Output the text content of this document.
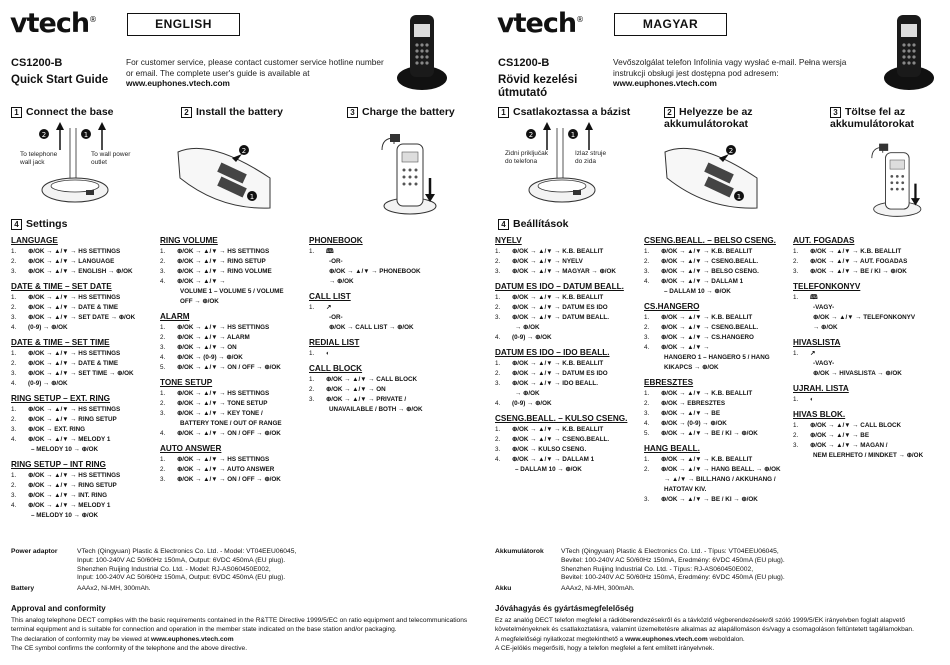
vtech®	ENGLISH
CS1200-B
Quick Start Guide
For customer service, please contact customer service hotline number or email. The complete user's guide is available at www.euphones.vtech.com
1 Connect the base	2 Install the battery	3 Charge the battery
2	1
To telephone wall jack
To wall power outlet
2
1
4 Settings
LANGUAGE
1.	⊕/OK → ▲/▼ → HS SETTINGS
2.	⊕/OK → ▲/▼ → LANGUAGE
3.	⊕/OK → ▲/▼ → ENGLISH → ⊕/OK
DATE & TIME – SET DATE
1.	⊕/OK → ▲/▼ → HS SETTINGS
2.	⊕/OK → ▲/▼ → DATE & TIME
3.	⊕/OK → ▲/▼ → SET DATE → ⊕/OK
4.	(0-9) → ⊕/OK
DATE & TIME – SET TIME
1.	⊕/OK → ▲/▼ → HS SETTINGS
2.	⊕/OK → ▲/▼ → DATE & TIME
3.	⊕/OK → ▲/▼ → SET TIME → ⊕/OK
4.	(0-9) → ⊕/OK
RING SETUP – EXT. RING
1.	⊕/OK → ▲/▼ → HS SETTINGS
2.	⊕/OK → ▲/▼ → RING SETUP
3.	⊕/OK → EXT. RING
4.	⊕/OK → ▲/▼ → MELODY 1
– MELODY 10 → ⊕/OK
RING SETUP – INT RING
1.	⊕/OK → ▲/▼ → HS SETTINGS
2.	⊕/OK → ▲/▼ → RING SETUP
3.	⊕/OK → ▲/▼ → INT. RING
4.	⊕/OK → ▲/▼ → MELODY 1
– MELODY 10 → ⊕/OK
RING VOLUME
1.	⊕/OK → ▲/▼ → HS SETTINGS
2.	⊕/OK → ▲/▼ → RING SETUP
3.	⊕/OK → ▲/▼ → RING VOLUME
4.	⊕/OK → ▲/▼ →
VOLUME 1 – VOLUME 5 / VOLUME
OFF → ⊕/OK
ALARM
1.	⊕/OK → ▲/▼ → HS SETTINGS
2.	⊕/OK → ▲/▼ → ALARM
3.	⊕/OK → ▲/▼ → ON
4.	⊕/OK → (0-9) → ⊕/OK
5.	⊕/OK → ▲/▼ → ON / OFF → ⊕/OK
TONE SETUP
1.	⊕/OK → ▲/▼ → HS SETTINGS
2.	⊕/OK → ▲/▼ → TONE SETUP
3.	⊕/OK → ▲/▼ → KEY TONE /
BATTERY TONE / OUT OF RANGE
4.	⊕/OK → ▲/▼ → ON / OFF → ⊕/OK
AUTO ANSWER
1.	⊕/OK → ▲/▼ → HS SETTINGS
2.	⊕/OK → ▲/▼ → AUTO ANSWER
3.	⊕/OK → ▲/▼ → ON / OFF → ⊕/OK
PHONEBOOK
1.	🕮
-OR-
⊕/OK → ▲/▼ → PHONEBOOK
→ ⊕/OK
CALL LIST
1.	↗
-OR-
⊕/OK → CALL LIST → ⊕/OK
REDIAL LIST
1.	◐
CALL BLOCK
1.	⊕/OK → ▲/▼ → CALL BLOCK
2.	⊕/OK → ▲/▼ → ON
3.	⊕/OK → ▲/▼ → PRIVATE /
UNAVAILABLE / BOTH → ⊕/OK
Power adaptor	VTech (Qingyuan) Plastic & Electronics Co. Ltd. - Model: VT04EEU06045,
Input: 100-240V AC 50/60Hz 150mA, Output: 6VDC 450mA (EU plug).
Shenzhen Ruijing Industrial Co. Ltd. - Model: RJ-AS060450E002,
Input: 100-240V AC 50/60Hz 150mA, Output: 6VDC 450mA (EU plug).
Battery	AAAx2, Ni-MH, 300mAh.
Approval and conformity
This analog telephone DECT complies with the basic requirements contained in the R&TTE Directive 1999/5/EC on ratio equipment and telecommunications terminal equipment and is suitable for connection and operation in the member state indicated on the base station and/or packaging.
The declaration of conformity may be viewed at www.euphones.vtech.com
The CE symbol confirms the conformity of the telephone and the above directive.
vtech®	MAGYAR
CS1200-B
Rövid kezelési útmutató
Vevőszolgálat telefon Infolinia vagy wysłać e-mail. Pełna wersja instrukcji obsługi jest dostępna pod adresem: www.euphones.vtech.com
1 Csatlakoztassa a bázist	2 Helyezze be az akkumulátorokat
3 Töltse fel az akkumulátorokat
2	1
Zidni priključak do telefona
Izlaz struje do zida
2
1
4 Beállítások
NYELV
1.	⊕/OK → ▲/▼ → K.B. BEALLIT
2.	⊕/OK → ▲/▼ → NYELV
3.	⊕/OK → ▲/▼ → MAGYAR → ⊕/OK
DATUM ES IDO – DATUM BEALL.
1.	⊕/OK → ▲/▼ → K.B. BEALLIT
2.	⊕/OK → ▲/▼ → DATUM ES IDO
3.	⊕/OK → ▲/▼ → DATUM BEALL.
→ ⊕/OK
4.	(0-9) → ⊕/OK
DATUM ES IDO – IDO BEALL.
1.	⊕/OK → ▲/▼ → K.B. BEALLIT
2.	⊕/OK → ▲/▼ → DATUM ES IDO
3.	⊕/OK → ▲/▼ → IDO BEALL.
→ ⊕/OK
4.	(0-9) → ⊕/OK
CSENG.BEALL. – KULSO CSENG.
1.	⊕/OK → ▲/▼ → K.B. BEALLIT
2.	⊕/OK → ▲/▼ → CSENG.BEALL.
3.	⊕/OK → KULSO CSENG.
4.	⊕/OK → ▲/▼ → DALLAM 1
– DALLAM 10 → ⊕/OK
CSENG.BEALL. – BELSO CSENG.
1.	⊕/OK → ▲/▼ → K.B. BEALLIT
2.	⊕/OK → ▲/▼ → CSENG.BEALL.
3.	⊕/OK → ▲/▼ → BELSO CSENG.
4.	⊕/OK → ▲/▼ → DALLAM 1
– DALLAM 10 → ⊕/OK
CS.HANGERO
1.	⊕/OK → ▲/▼ → K.B. BEALLIT
2.	⊕/OK → ▲/▼ → CSENG.BEALL.
3.	⊕/OK → ▲/▼ → CS.HANGERO
4.	⊕/OK → ▲/▼ →
HANGERO 1 – HANGERO 5 / HANG
KIKAPCS → ⊕/OK
EBRESZTES
1.	⊕/OK → ▲/▼ → K.B. BEALLIT
2.	⊕/OK → EBRESZTES
3.	⊕/OK → ▲/▼ → BE
4.	⊕/OK → (0-9) → ⊕/OK
5.	⊕/OK → ▲/▼ → BE / KI → ⊕/OK
HANG BEALL.
1.	⊕/OK → ▲/▼ → K.B. BEALLIT
2.	⊕/OK → ▲/▼ → HANG BEALL. → ⊕/OK
→ ▲/▼ → BILL.HANG / AKKUHANG /
HATOTAV KIV.
3.	⊕/OK → ▲/▼ → BE / KI → ⊕/OK
AUT. FOGADAS
1.	⊕/OK → ▲/▼ → K.B. BEALLIT
2.	⊕/OK → ▲/▼ → AUT. FOGADAS
3.	⊕/OK → ▲/▼ → BE / KI → ⊕/OK
TELEFONKONYV
1.	🕮
-VAGY-
⊕/OK → ▲/▼ → TELEFONKONYV
→ ⊕/OK
HIVASLISTA
1.	↗
-VAGY-
⊕/OK → HIVASLISTA → ⊕/OK
UJRAH. LISTA
1.	◐
HIVAS BLOK.
1.	⊕/OK → ▲/▼ → CALL BLOCK
2.	⊕/OK → ▲/▼ → BE
3.	⊕/OK → ▲/▼ → MAGAN /
NEM ELERHETO / MINDKET → ⊕/OK
Akkumulátorok	VTech (Qingyuan) Plastic & Electronics Co. Ltd. - Típus: VT04EEU06045,
Bevitel: 100-240V AC 50/60Hz 150mA, Eredmény: 6VDC 450mA (EU plug).
Shenzhen Ruijing Industrial Co. Ltd. - Típus: RJ-AS060450E002,
Bevitel: 100-240V AC 50/60Hz 150mA, Eredmény: 6VDC 450mA (EU plug).
Akku	AAAx2, Ni-MH, 300mAh.
Jóváhagyás és gyártásmegfelelőség
Ez az analóg DECT telefon megfelel a rádióberendezésekről és a távközlő végberendezésekről szóló 1999/5/EK irányelvben foglalt alapvető követelményeknek és csatlakoztatásra, valamint üzemeltetésre alkalmas az alapállomáson és/vagy a csomagoláson feltüntetett tagállamokban.
A megfelelőségi nyilatkozat megtekinthető a www.euphones.vtech.com weboldalon.
A CE-jelölés megerősíti, hogy a telefon megfelel a fent említett irányelvnek.
